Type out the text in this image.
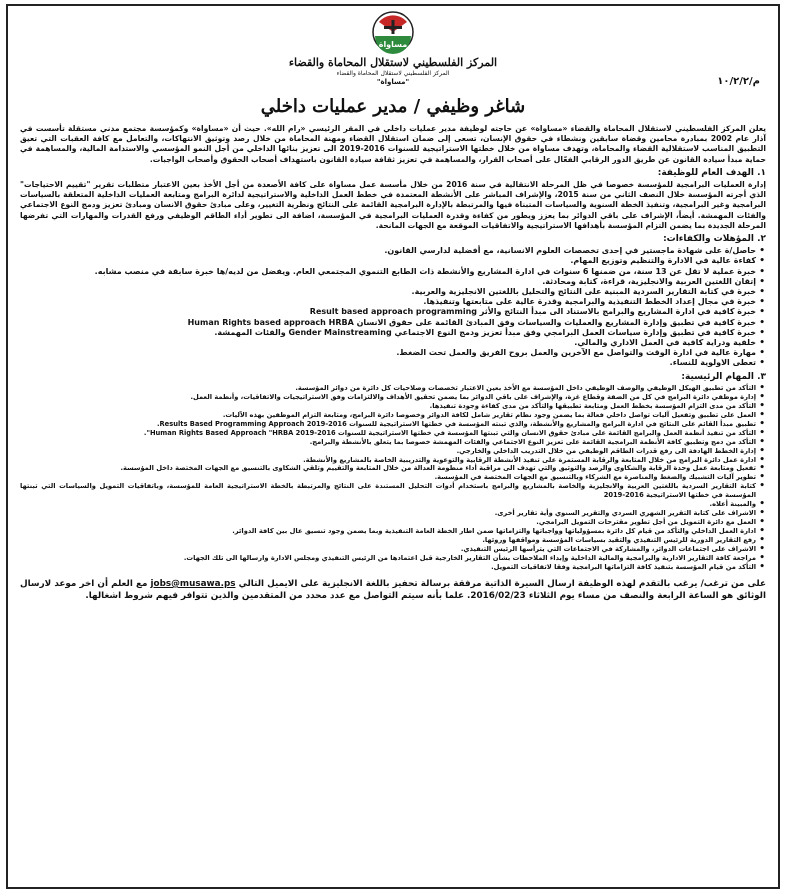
مساواة
المركز الفلسطيني لاستقلال المحاماة والقضاء
المركز الفلسطيني لاستقلال المحاماة والقضاء
"مساواة"	م/١٠/٢/٢
شاغر وظيفي / مدير عمليات داخلي

يعلن المركز الفلسطيني لاستقلال المحاماة والقضاء «مساواة» عن حاجته لوظيفة مدير عمليات داخلي في المقر الرئيسي «رام الله». حيث أن «مساواة» وكمؤسسة مجتمع مدني مستقلة تأسست في آذار عام 2002 بمبادرة محامين وقضاة سابقين ونشطاء في حقوق الإنسان، تسعى إلى ضمان استقلال القضاء ومهنة المحاماة من خلال رصد وتوثيق الانتهاكات، والتعامل مع كافة العقبات التي تعيق التطبيق المناسب لاستقلالية القضاء والمحاماة، وتهدف مساواة من خلال خطتها الاستراتيجية للسنوات 2016-2019 الى تعزيز بنائها الداخلي من أجل النمو المؤسسي والاستدامة المالية، والمساهمة في حماية مبدأ سيادة القانون عن طريق الدور الرقابي الفعّال على أصحاب القرار، والمساهمة في تعزيز ثقافة سيادة القانون باستهداف أصحاب الحقوق وأصحاب الواجبات.

١. الهدف العام للوظيفة:

إدارة العمليات البرامجية للمؤسسة خصوصا في ظل المرحلة الانتقالية في سنة 2016 من خلال مأسسة عمل مساواة على كافة الأصعدة من أجل الأخذ بعين الاعتبار متطلبات تقرير "تقييم الاحتياجات" الذي أجرته المؤسسة خلال النصف الثاني من سنة 2015، والإشراف المباشر على الأنشطة المعتمدة في خطط العمل الداخلية والاستراتيجية لدائرة البرامج ومتابعة العمليات الداخلية المتعلقة بالسياسات البرامجية وغير البرامجية، وتنفيذ الخطة السنوية والسياسات المتبناة فيها والمرتبطة بالإدارة البرامجية القائمة على النتائج ونظرية التغيير، وعلى مبادئ حقوق الانسان ومبادئ تعزيز ودمج النوع الاجتماعي والفئات المهمشة. أيضاً، الإشراف على باقي الدوائر بما يعزز ويطور من كفاءة وقدرة العمليات البرامجية في المؤسسة، اضافة الى تطوير أداء الطاقم الوظيفي ورفع القدرات والمهارات التي تفرضها المرحلة الجديدة بما يضمن التزام المؤسسة بأهدافها الاستراتيجية والاتفاقيات الموقعة مع الجهات المانحة.

٢. المؤهلات والكفاءات:
• حاصل/ة على شهادة ماجستير في إحدى تخصصات العلوم الانسانية، مع أفضلية لدارسي القانون.
• كفاءة عالية في الادارة والتنظيم وتوزيع المهام.
• خبرة عملية لا تقل عن 13 سنة، من ضمنها 6 سنوات في ادارة المشاريع والأنشطة ذات الطابع التنموي المجتمعي العام. ويفضل من لديه/ها خبرة سابقة في منصب مشابه.
• إتقان اللغتين العربية والانجليزية، قراءة، كتابة ومحادثة.
• خبرة في كتابة التقارير السردية المبنية على النتائج والتحليل باللغتين الانجليزية والعربية.
• خبرة في مجال إعداد الخطط التنفيذية والبرامجية وقدرة عالية على متابعتها وتنفيذها.
• خبرة كافية في ادارة المشاريع والبرامج بالاستناد الى مبدأ النتائج والأثر Result based approach programming
• خبرة كافية في تطبيق وإدارة المشاريع والعمليات والسياسات وفق المبادئ القائمة على حقوق الانسان Human Rights based approach HRBA
• خبرة كافية في تطبيق وإدارة سياسات العمل البرامجي وفق مبدأ تعزيز ودمج النوع الاجتماعي Gender Mainstreaming والفئات المهمشة.
• خلفية ودراية كافية في العمل الاداري والمالي.
• مهارة عالية في ادارة الوقت والتواصل مع الآخرين والعمل بروح الفريق والعمل تحت الضغط.
• تعطى الاولوية للنساء.
٣. المهام الرئيسية:
• التأكد من تطبيق الهيكل الوظيفي والوصف الوظيفي داخل المؤسسة مع الأخذ بعين الاعتبار تخصصات وصلاحيات كل دائرة من دوائر المؤسسة.
• إدارة موظفي دائرة البرامج في كل من الضفة وقطاع غزة، والإشراف على باقي الدوائر بما يضمن تحقيق الأهداف والالتزامات وفق الاستراتيجيات والاتفاقيات، وأنظمة العمل.
• التأكد من مدى التزام المؤسسة بخطط العمل ومتابعة تطبيقها والتأكد من مدى كفاءة وجودة تنفيذها.
• العمل على تطبيق وتفعيل آليات تواصل داخلي فعالة بما يضمن وجود نظام تقارير شامل لكافة الدوائر وخصوصا دائرة البرامج، ومتابعة التزام الموظفين بهذه الآليات.
• تطبيق مبدأ القائم على النتائج في ادارة البرامج والمشاريع والأنشطة، والذي تبنته المؤسسة في خطتها الاستراتيجية للسنوات 2016-2019 Results Based Programming Approach.
• التأكد من تنفيذ أنظمة العمل والبرامج القائمة على مبادئ حقوق الانسان والتي تبنتها المؤسسة في خطتها الاستراتيجية للسنوات 2016-2019 Human Rights Based Approach "HRBA".
• التأكد من دمج وتطبيق كافة الأنظمة البرامجية القائمة على تعزيز النوع الاجتماعي والفئات المهمشة خصوصا بما يتعلق بالأنشطة والبرامج.
• إدارة الخطط الهادفة الى رفع قدرات الطاقم الوظيفي من خلال التدريب الداخلي والخارجي.
• ادارة عمل دائرة البرامج من خلال المتابعة والرقابة المستمرة على تنفيذ الأنشطة الرقابية والتوعوية والتدريبية الخاصة بالمشاريع والأنشطة.
• تفعيل ومتابعة عمل وحدة الرقابة والشكاوى والرصد والتوثيق والتي تهدف الى مراقبة أداء منظومة العدالة من خلال المتابعة والتقييم وتلقي الشكاوى بالتنسيق مع الجهات المختصة داخل المؤسسة.
• تطوير آليات التشبيك والضغط والمناصرة مع الشركاء وبالتنسيق مع الجهات المختصة في المؤسسة.
• كتابة التقارير السردية باللغتين العربية والانجليزية والخاصة بالمشاريع والبرامج باستخدام أدوات التحليل المستندة على النتائج والمرتبطة بالخطة الاستراتيجية العامة للمؤسسة، وباتفاقيات التمويل والسياسات التي تبنتها المؤسسة في خطتها الاستراتيجية 2016-2019
• والمبينة أعلاه.
• الاشراف على كتابة التقرير الشهري السردي والتقرير السنوي وأية تقارير أخرى.
• العمل مع دائرة التمويل من أجل تطوير مقترحات التمويل البرامجي.
• ادارة العمل الداخلي والتأكد من قيام كل دائرة بمسؤولياتها وواجباتها والتزاماتها ضمن اطار الخطة العامة التنفيذية وبما يضمن وجود تنسيق عال بين كافة الدوائر.
• رفع التقارير الدورية للرئيس التنفيذي والتقيد بسياسات المؤسسة ومواقفها وروئها.
• الاشراف على اجتماعات الدوائر، والمشاركة في الاجتماعات التي يترأسها الرئيس التنفيذي.
• مراجعة كافة التقارير الادارية والبرامجية والمالية الداخلية وإبداء الملاحظات بشأن التقارير الخارجية قبل اعتمادها من الرئيس التنفيذي ومجلس الادارة وارسالها الى تلك الجهات.
• التأكد من قيام المؤسسة بتنفيذ كافة التزاماتها البرامجية وفقا لاتفاقيات التمويل.

على من ترغب/ يرغب بالتقدم لهذه الوظيفة ارسال السيرة الذاتية مرفقة برسالة تحفيز باللغة الانجليزية على الايميل التالي jobs@musawa.ps مع العلم أن اخر موعد لارسال الوثائق هو الساعة الرابعة والنصف من مساء يوم الثلاثاء 2016/02/23. علما بأنه سيتم التواصل مع عدد محدد من المتقدمين والذين تتوافر فيهم شروط اشغالها.
